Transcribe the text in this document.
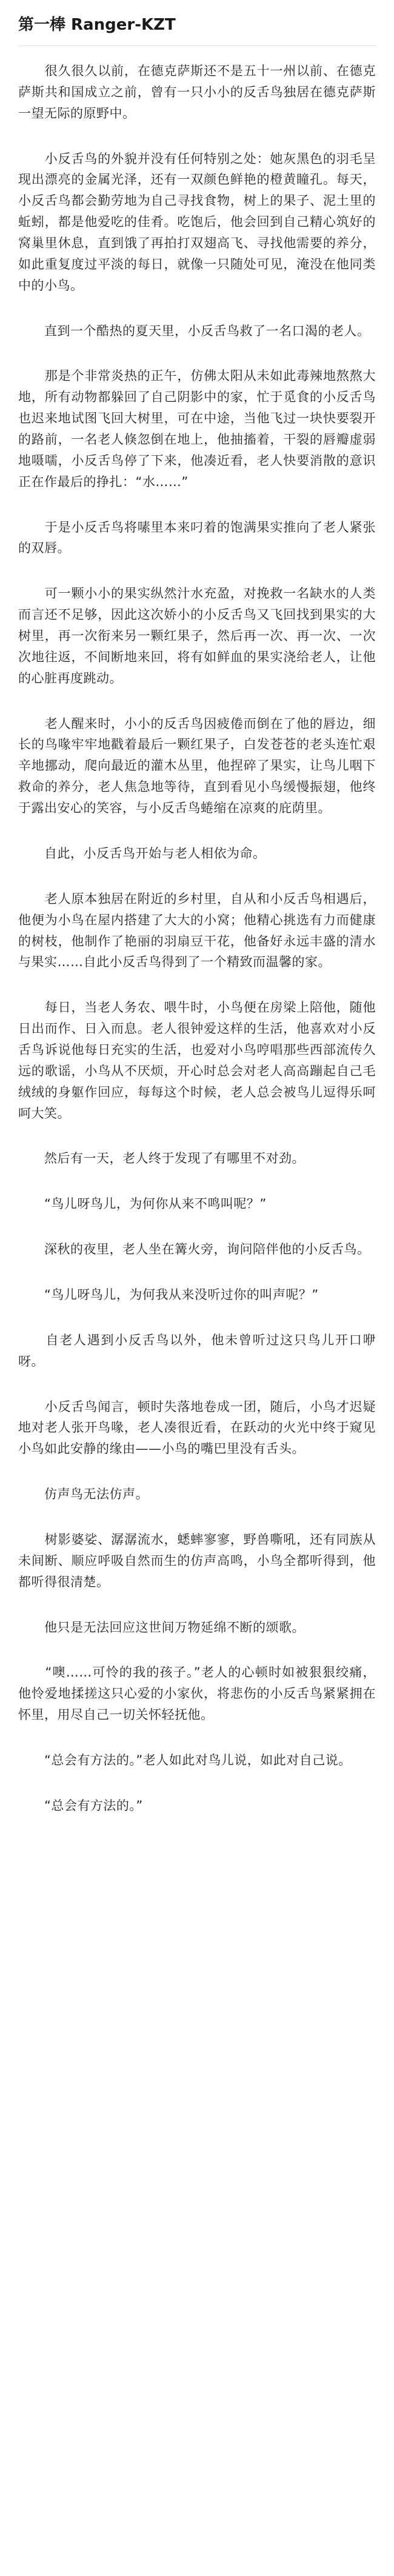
第一棒 Ranger-KZT

　　很久很久以前，在德克萨斯还不是五十一州以前、在德克萨斯共和国成立之前，曾有一只小小的反舌鸟独居在德克萨斯一望无际的原野中。

　　小反舌鸟的外貌并没有任何特别之处：她灰黑色的羽毛呈现出漂亮的金属光泽，还有一双颜色鲜艳的橙黄瞳孔。每天，小反舌鸟都会勤劳地为自己寻找食物，树上的果子、泥土里的蚯蚓，都是他爱吃的佳肴。吃饱后，他会回到自己精心筑好的窝巢里休息，直到饿了再拍打双翅高飞、寻找他需要的养分，如此重复度过平淡的每日，就像一只随处可见，淹没在他同类中的小鸟。

　　直到一个酷热的夏天里，小反舌鸟救了一名口渴的老人。

　　那是个非常炎热的正午，仿佛太阳从未如此毒辣地熬熬大地，所有动物都躲回了自己阴影中的家，忙于觅食的小反舌鸟也迟来地试图飞回大树里，可在中途，当他飞过一块快要裂开的路前，一名老人倏忽倒在地上，他抽搐着，干裂的唇瓣虚弱地嗫嚅，小反舌鸟停了下来，他凑近看，老人快要消散的意识正在作最后的挣扎：“水……”

　　于是小反舌鸟将嗉里本来叼着的饱满果实推向了老人紧张的双唇。

　　可一颗小小的果实纵然汁水充盈，对挽救一名缺水的人类而言还不足够，因此这次娇小的小反舌鸟又飞回找到果实的大树里，再一次衔来另一颗红果子，然后再一次、再一次、一次次地往返，不间断地来回，将有如鲜血的果实浇给老人，让他的心脏再度跳动。

　　老人醒来时，小小的反舌鸟因疲倦而倒在了他的唇边，细长的鸟喙牢牢地戳着最后一颗红果子，白发苍苍的老头连忙艰辛地挪动，爬向最近的灌木丛里，他捏碎了果实，让鸟儿咽下救命的养分，老人焦急地等待，直到看见小鸟缓慢振翅，他终于露出安心的笑容，与小反舌鸟蜷缩在凉爽的庇荫里。

　　自此，小反舌鸟开始与老人相依为命。

　　老人原本独居在附近的乡村里，自从和小反舌鸟相遇后，他便为小鸟在屋内搭建了大大的小窝；他精心挑选有力而健康的树枝，他制作了艳丽的羽扇豆干花，他备好永远丰盛的清水与果实……自此小反舌鸟得到了一个精致而温馨的家。

　　每日，当老人务农、喂牛时，小鸟便在房梁上陪他，随他日出而作、日入而息。老人很钟爱这样的生活，他喜欢对小反舌鸟诉说他每日充实的生活，也爱对小鸟哼唱那些西部流传久远的歌谣，小鸟从不厌烦，开心时总会对老人高高蹦起自己毛绒绒的身躯作回应，每每这个时候，老人总会被鸟儿逗得乐呵呵大笑。

　　然后有一天，老人终于发现了有哪里不对劲。

　　“鸟儿呀鸟儿，为何你从来不鸣叫呢？”

　　深秋的夜里，老人坐在篝火旁，询问陪伴他的小反舌鸟。

　　“鸟儿呀鸟儿，为何我从来没听过你的叫声呢？”

　　自老人遇到小反舌鸟以外，他未曾听过这只鸟儿开口咿呀。

　　小反舌鸟闻言，顿时失落地卷成一团，随后，小鸟才迟疑地对老人张开鸟喙，老人凑很近看，在跃动的火光中终于窥见小鸟如此安静的缘由——小鸟的嘴巴里没有舌头。

　　仿声鸟无法仿声。

　　树影婆娑、潺潺流水，蟋蟀寥寥，野兽嘶吼，还有同族从未间断、顺应呼吸自然而生的仿声高鸣，小鸟全都听得到，他都听得很清楚。

　　他只是无法回应这世间万物延绵不断的颂歌。

　　“噢……可怜的我的孩子。”老人的心顿时如被狠狠绞痛，他怜爱地揉搓这只心爱的小家伙，将悲伤的小反舌鸟紧紧拥在怀里，用尽自己一切关怀轻抚他。

　　“总会有方法的。”老人如此对鸟儿说，如此对自己说。

　　“总会有方法的。”
